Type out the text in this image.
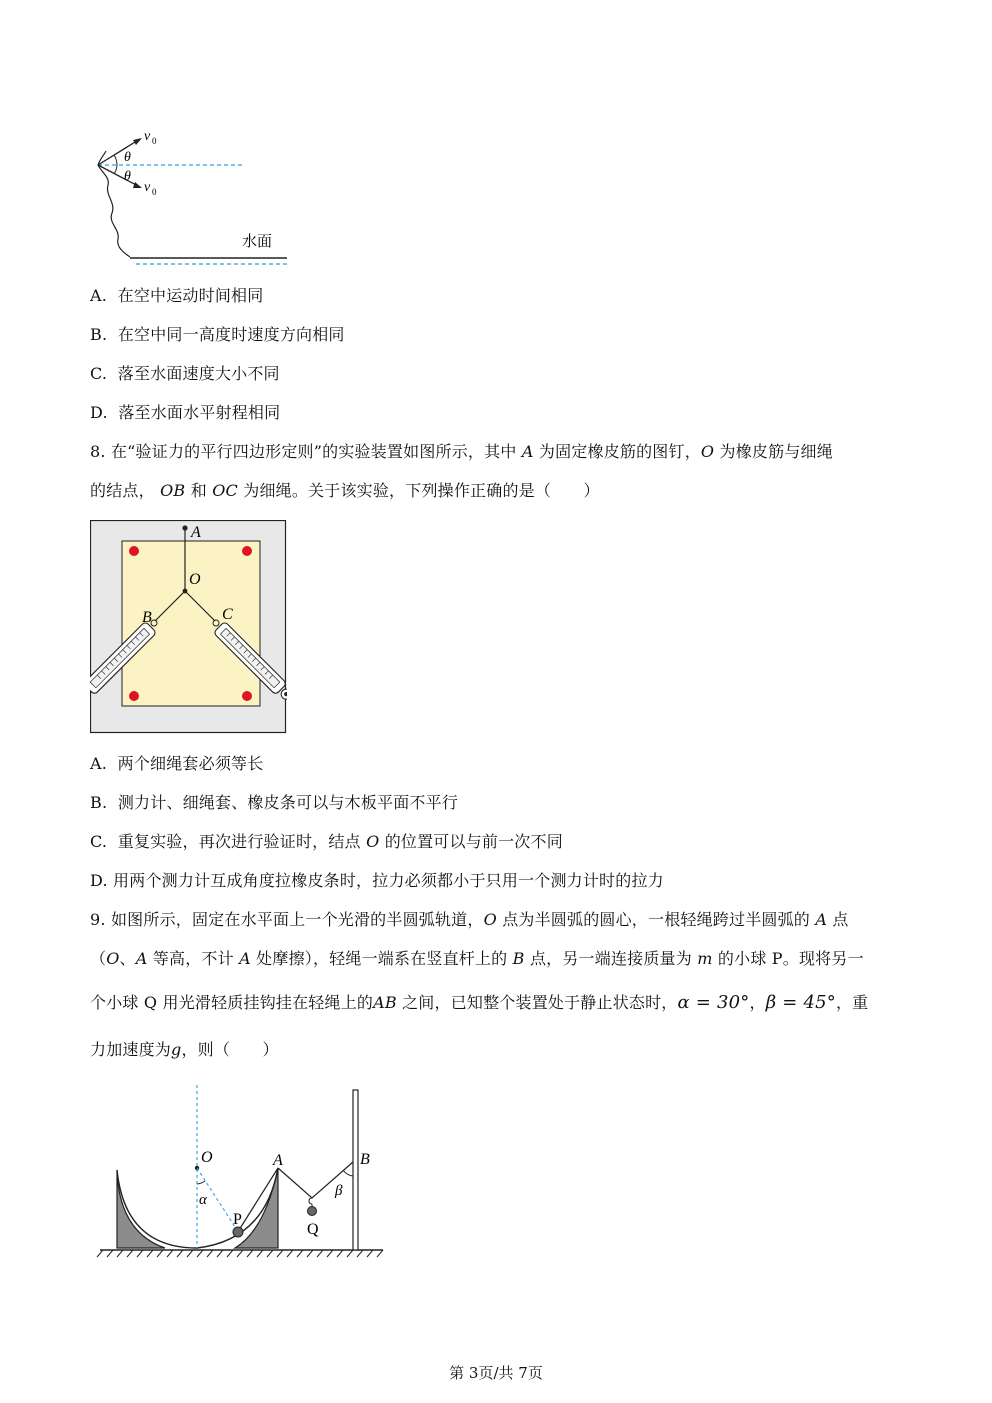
v 0
v 0
θ
θ
水面
A. 在空中运动时间相同
B. 在空中同一高度时速度方向相同
C. 落至水面速度大小不同
D. 落至水面水平射程相同
8. 在“验证力的平行四边形定则”的实验装置如图所示，其中 A 为固定橡皮筋的图钉，O 为橡皮筋与细绳
的结点， OB 和 OC 为细绳。关于该实验，下列操作正确的是（　　）
A
O
B	C
A. 两个细绳套必须等长
B. 测力计、细绳套、橡皮条可以与木板平面不平行
C. 重复实验，再次进行验证时，结点 O 的位置可以与前一次不同
D. 用两个测力计互成角度拉橡皮条时，拉力必须都小于只用一个测力计时的拉力
9. 如图所示，固定在水平面上一个光滑的半圆弧轨道，O 点为半圆弧的圆心，一根轻绳跨过半圆弧的 A 点
（O、A 等高，不计 A 处摩擦），轻绳一端系在竖直杆上的 B 点，另一端连接质量为 m 的小球 P。现将另一
个小球 Q 用光滑轻质挂钩挂在轻绳上的AB 之间，已知整个装置处于静止状态时，α = 30°，β = 45°，重
力加速度为g，则（　　）
O	A	B
α
β
P
Q
第 3页/共 7页
